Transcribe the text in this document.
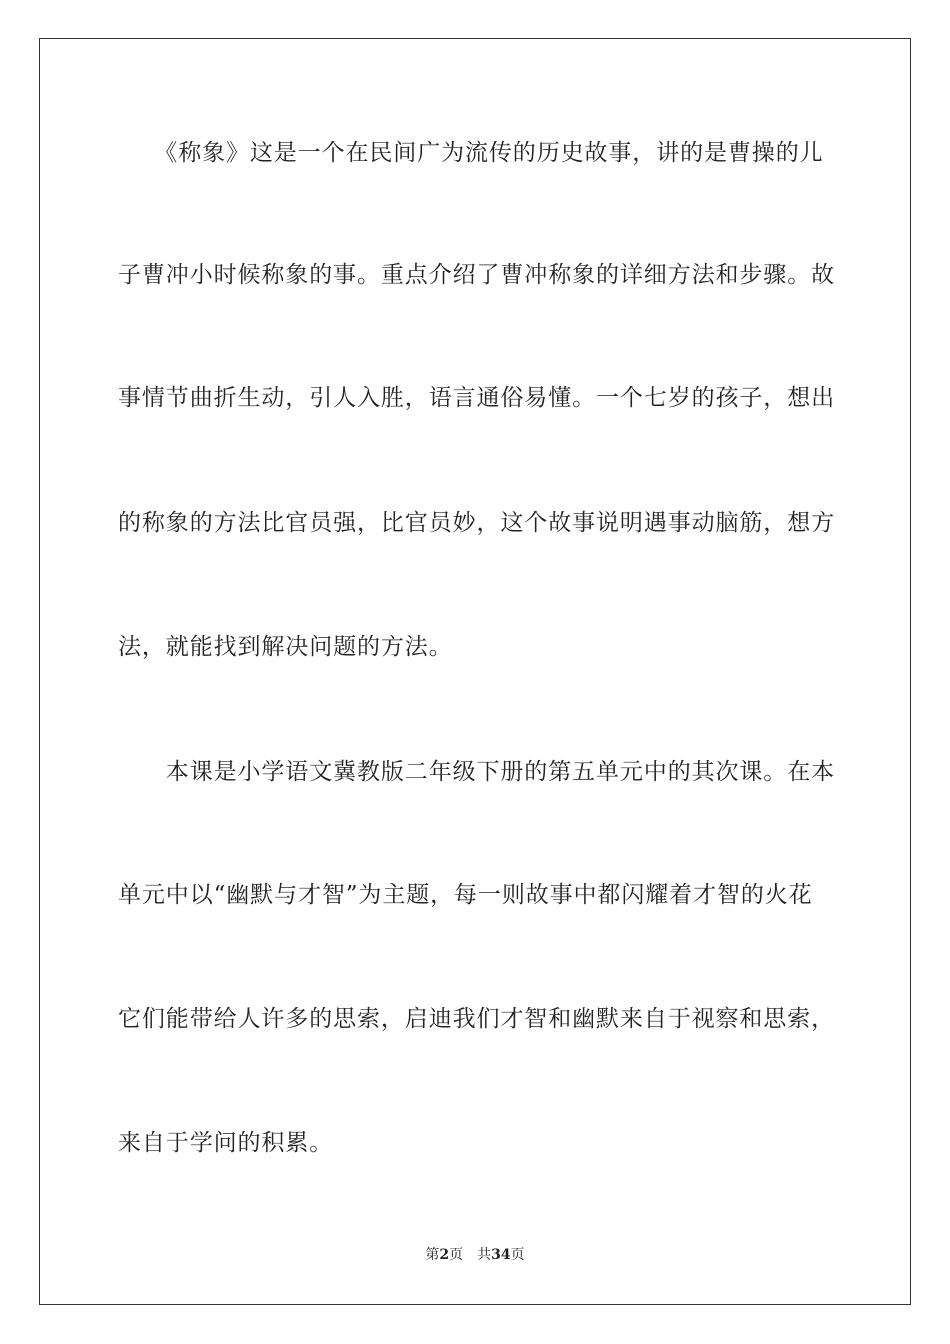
　　《称象》这是一个在民间广为流传的历史故事，讲的是曹操的儿
子曹冲小时候称象的事。重点介绍了曹冲称象的详细方法和步骤。故
事情节曲折生动，引人入胜，语言通俗易懂。一个七岁的孩子，想出
的称象的方法比官员强，比官员妙，这个故事说明遇事动脑筋，想方
法，就能找到解决问题的方法。
　　本课是小学语文冀教版二年级下册的第五单元中的其次课。在本
单元中以“幽默与才智”为主题，每一则故事中都闪耀着才智的火花
它们能带给人许多的思索，启迪我们才智和幽默来自于视察和思索，
来自于学问的积累。
第2页 共34页
